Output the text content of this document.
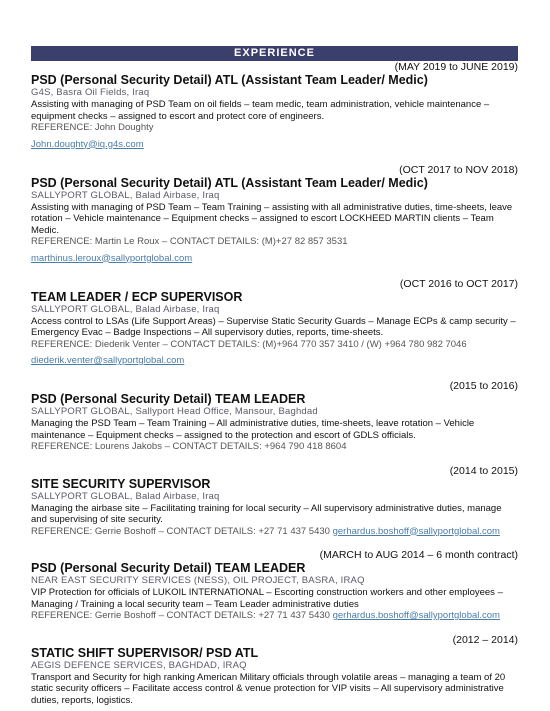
EXPERIENCE
(MAY 2019 to JUNE 2019)
PSD (Personal Security Detail) ATL (Assistant Team Leader/ Medic)
G4S, Basra Oil Fields, Iraq
Assisting with managing of PSD Team on oil fields – team medic, team administration, vehicle maintenance – equipment checks – assigned to escort and protect core of engineers.
REFERENCE: John Doughty
John.doughty@iq.g4s.com
(OCT 2017 to NOV 2018)
PSD (Personal Security Detail) ATL (Assistant Team Leader/ Medic)
SALLYPORT GLOBAL, Balad Airbase, Iraq
Assisting with managing of PSD Team – Team Training – assisting with all administrative duties, time-sheets, leave rotation – Vehicle maintenance – Equipment checks – assigned to escort LOCKHEED MARTIN clients – Team Medic.
REFERENCE: Martin Le Roux – CONTACT DETAILS: (M)+27 82 857 3531
marthinus.leroux@sallyportglobal.com
(OCT 2016 to OCT 2017)
TEAM LEADER / ECP SUPERVISOR
SALLYPORT GLOBAL, Balad Airbase, Iraq
Access control to LSAs (Life Support Areas) – Supervise Static Security Guards – Manage ECPs & camp security – Emergency Evac – Badge Inspections – All supervisory duties, reports, time-sheets.
REFERENCE: Diederik Venter – CONTACT DETAILS: (M)+964 770 357 3410 / (W) +964 780 982 7046
diederik.venter@sallyportglobal.com
(2015 to 2016)
PSD (Personal Security Detail) TEAM LEADER
SALLYPORT GLOBAL, Sallyport Head Office, Mansour, Baghdad
Managing the PSD Team – Team Training – All administrative duties, time-sheets, leave rotation – Vehicle maintenance – Equipment checks – assigned to the protection and escort of GDLS officials.
REFERENCE: Lourens Jakobs – CONTACT DETAILS: +964 790 418 8604
(2014 to 2015)
SITE SECURITY SUPERVISOR
SALLYPORT GLOBAL, Balad Airbase, Iraq
Managing the airbase site – Facilitating training for local security – All supervisory administrative duties, manage and supervising of site security.
REFERENCE: Gerrie Boshoff – CONTACT DETAILS: +27 71 437 5430 gerhardus.boshoff@sallyportglobal.com
(MARCH to AUG 2014 – 6 month contract)
PSD (Personal Security Detail) TEAM LEADER
NEAR EAST SECURITY SERVICES (NESS), OIL PROJECT, BASRA, IRAQ
VIP Protection for officials of LUKOIL INTERNATIONAL – Escorting construction workers and other employees – Managing / Training a local security team – Team Leader administrative duties
REFERENCE: Gerrie Boshoff – CONTACT DETAILS: +27 71 437 5430 gerhardus.boshoff@sallyportglobal.com
(2012 – 2014)
STATIC SHIFT SUPERVISOR/ PSD ATL
AEGIS DEFENCE SERVICES, BAGHDAD, IRAQ
Transport and Security for high ranking American Military officials through volatile areas – managing a team of 20 static security officers – Facilitate access control & venue protection for VIP visits – All supervisory administrative duties, reports, logistics.
